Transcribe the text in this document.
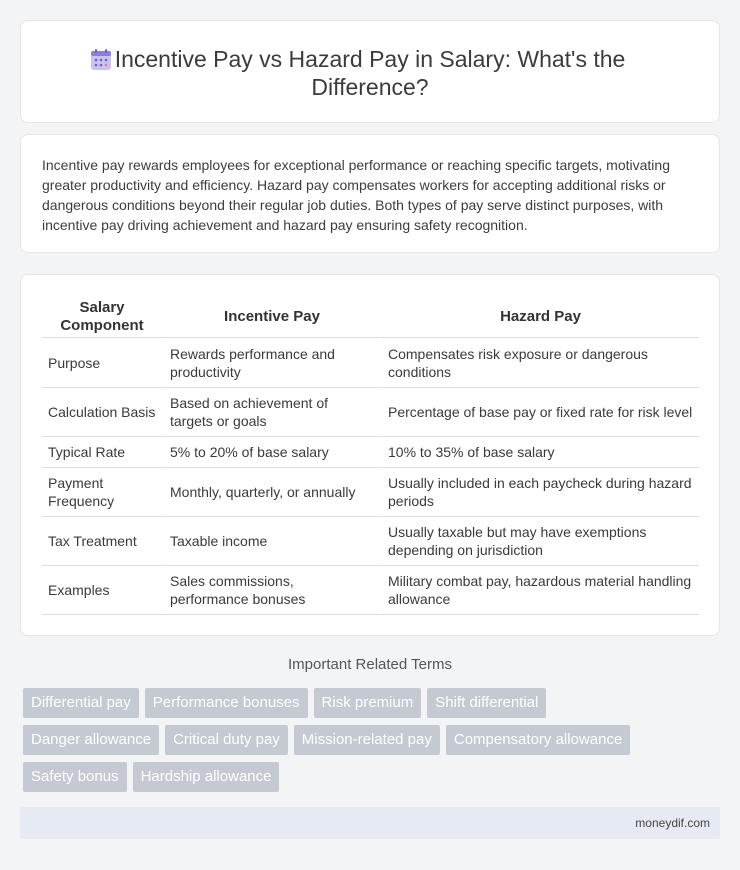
Incentive Pay vs Hazard Pay in Salary: What's the Difference?

Incentive pay rewards employees for exceptional performance or reaching specific targets, motivating greater productivity and efficiency. Hazard pay compensates workers for accepting additional risks or dangerous conditions beyond their regular job duties. Both types of pay serve distinct purposes, with incentive pay driving achievement and hazard pay ensuring safety recognition.

Salary Component	Incentive Pay	Hazard Pay
Purpose	Rewards performance and productivity	Compensates risk exposure or dangerous conditions
Calculation Basis	Based on achievement of targets or goals	Percentage of base pay or fixed rate for risk level
Typical Rate	5% to 20% of base salary	10% to 35% of base salary
Payment Frequency	Monthly, quarterly, or annually	Usually included in each paycheck during hazard periods
Tax Treatment	Taxable income	Usually taxable but may have exemptions depending on jurisdiction
Examples	Sales commissions, performance bonuses	Military combat pay, hazardous material handling allowance
Important Related Terms
Differential pay	Performance bonuses	Risk premium	Shift differential
Danger allowance	Critical duty pay	Mission-related pay	Compensatory allowance
Safety bonus	Hardship allowance
moneydif.com
